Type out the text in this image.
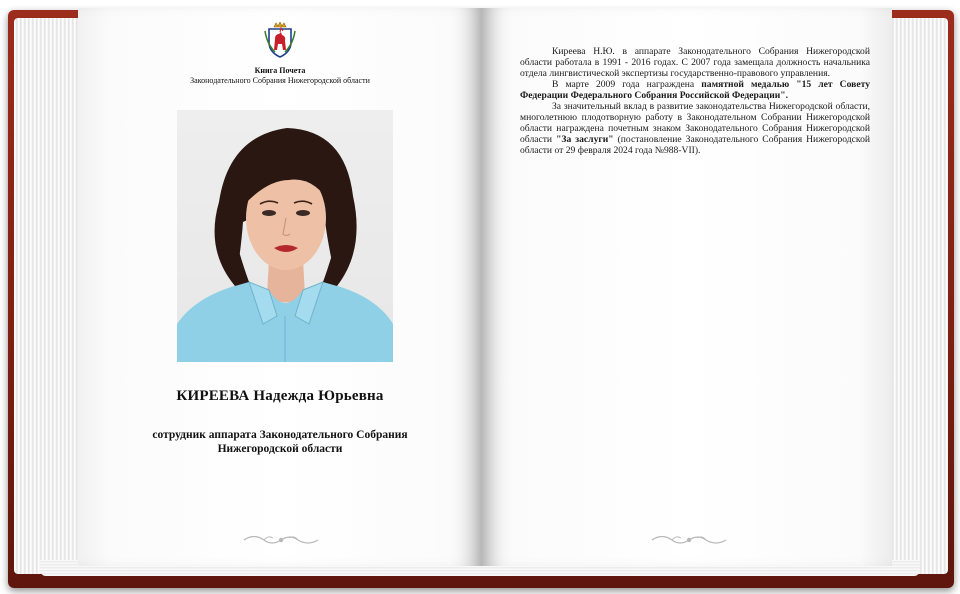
Книга Почета
Законодательного Собрания Нижегородской области
КИРЕЕВА Надежда Юрьевна
сотрудник аппарата Законодательного Собрания
Нижегородской области

Киреева Н.Ю. в аппарате Законодательного Собрания Нижегородской области работала в 1991 - 2016 годах. С 2007 года замещала должность начальника отдела лингвистической экспертизы государственно-правового управления.

В марте 2009 года награждена памятной медалью "15 лет Совету Федерации Федерального Собрания Российской Федерации".

За значительный вклад в развитие законодательства Нижегородской области, многолетнюю плодотворную работу в Законодательном Собрании Нижегородской области награждена почетным знаком Законодательного Собрания Нижегородской области "За заслуги" (постановление Законодательного Собрания Нижегородской области от 29 февраля 2024 года №988-VII).
